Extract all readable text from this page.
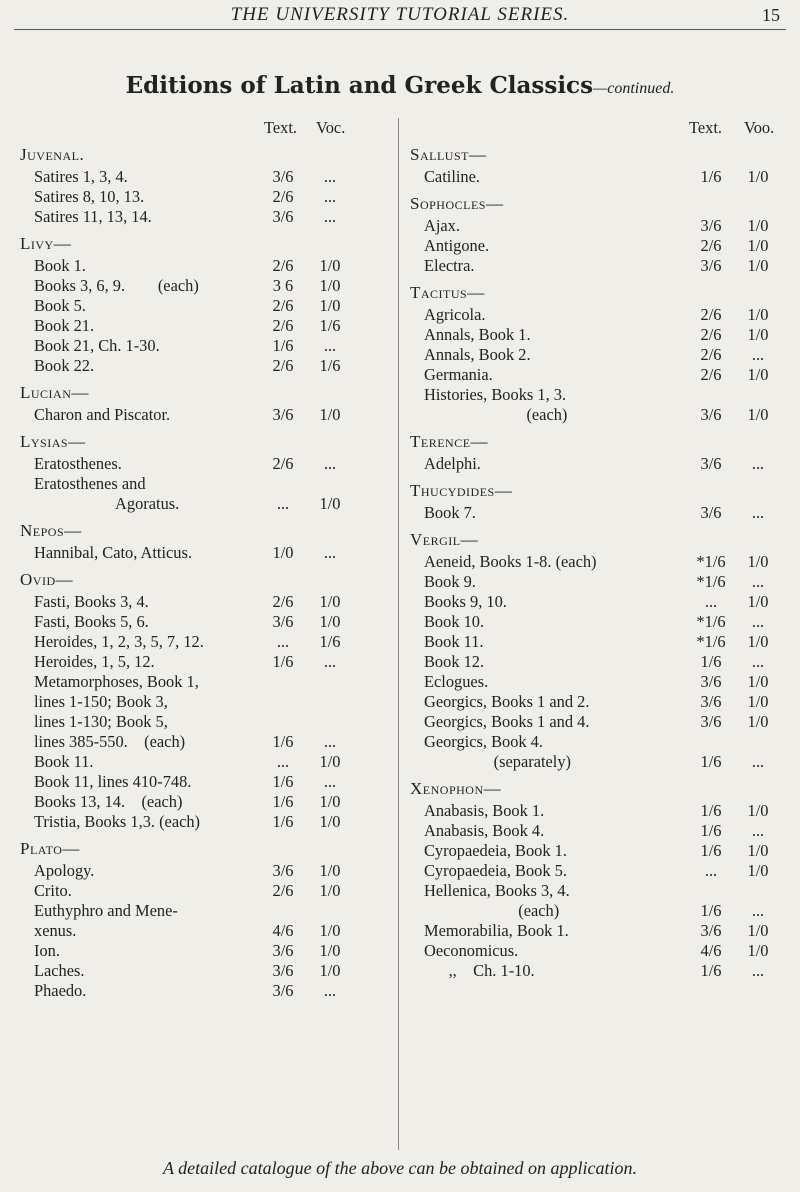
THE UNIVERSITY TUTORIAL SERIES.	15
Editions of Latin and Greek Classics—continued.
Text. Voc.
Juvenal.
Satires 1, 3, 4.	3/6	...
Satires 8, 10, 13.	2/6	...
Satires 11, 13, 14.	3/6	...
Livy—
Book 1.	2/6	1/0
Books 3, 6, 9.        (each)	3 6	1/0
Book 5.	2/6	1/0
Book 21.	2/6	1/6
Book 21, Ch. 1-30.	1/6	...
Book 22.	2/6	1/6
Lucian—
Charon and Piscator.	3/6	1/0
Lysias—
Eratosthenes.	2/6	...
Eratosthenes and
Agoratus.	...	1/0
Nepos—
Hannibal, Cato, Atticus.	1/0	...
Ovid—
Fasti, Books 3, 4.	2/6	1/0
Fasti, Books 5, 6.	3/6	1/0
Heroides, 1, 2, 3, 5, 7, 12.	...	1/6
Heroides, 1, 5, 12.	1/6	...
Metamorphoses, Book 1,
lines 1-150; Book 3,
lines 1-130; Book 5,
lines 385-550.    (each)	1/6	...
Book 11.	...	1/0
Book 11, lines 410-748.	1/6	...
Books 13, 14.    (each)	1/6	1/0
Tristia, Books 1,3. (each)	1/6	1/0
Plato—
Apology.	3/6	1/0
Crito.	2/6	1/0
Euthyphro and Mene-
xenus.	4/6	1/0
Ion.	3/6	1/0
Laches.	3/6	1/0
Phaedo.	3/6	...
Text. Voo.
Sallust—
Catiline.	1/6	1/0
Sophocles—
Ajax.	3/6	1/0
Antigone.	2/6	1/0
Electra.	3/6	1/0
Tacitus—
Agricola.	2/6	1/0
Annals, Book 1.	2/6	1/0
Annals, Book 2.	2/6	...
Germania.	2/6	1/0
Histories, Books 1, 3.
(each)	3/6	1/0
Terence—
Adelphi.	3/6	...
Thucydides—
Book 7.	3/6	...
Vergil—
Aeneid, Books 1-8. (each)	*1/6	1/0
Book 9.	*1/6	...
Books 9, 10.	...	1/0
Book 10.	*1/6	...
Book 11.	*1/6	1/0
Book 12.	1/6	...
Eclogues.	3/6	1/0
Georgics, Books 1 and 2.	3/6	1/0
Georgics, Books 1 and 4.	3/6	1/0
Georgics, Book 4.
(separately)	1/6	...
Xenophon—
Anabasis, Book 1.	1/6	1/0
Anabasis, Book 4.	1/6	...
Cyropaedeia, Book 1.	1/6	1/0
Cyropaedeia, Book 5.	...	1/0
Hellenica, Books 3, 4.
(each)	1/6	...
Memorabilia, Book 1.	3/6	1/0
Oeconomicus.	4/6	1/0
,,    Ch. 1-10.	1/6	...
A detailed catalogue of the above can be obtained on application.
